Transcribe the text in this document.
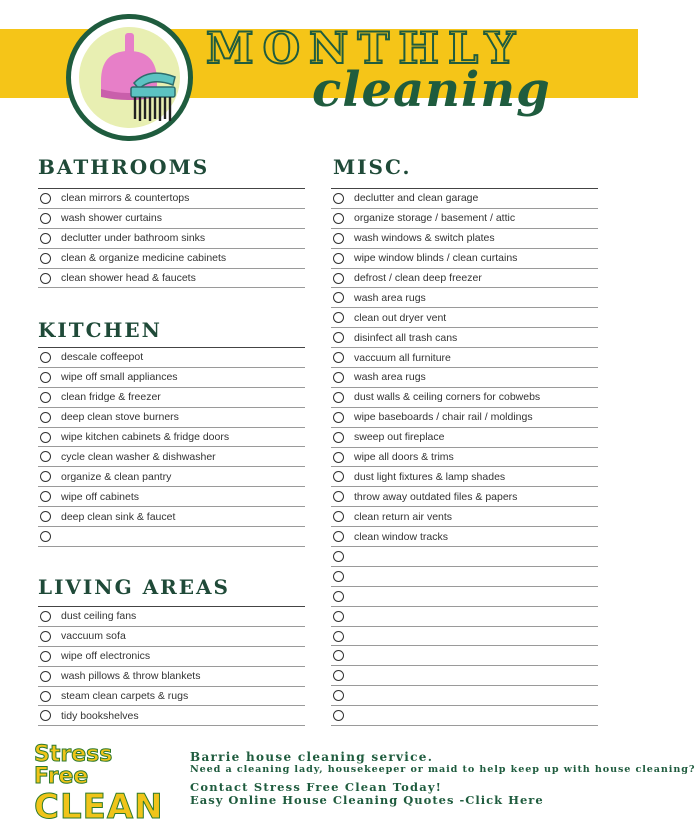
MONTHLY
cleaning
BATHROOMS
KITCHEN
LIVING AREAS
MISC.
clean mirrors & countertops
wash shower curtains
declutter under bathroom sinks
clean & organize medicine cabinets
clean shower head & faucets
descale coffeepot
wipe off small appliances
clean fridge & freezer
deep clean stove burners
wipe kitchen cabinets & fridge doors
cycle clean washer & dishwasher
organize & clean pantry
wipe off cabinets
deep clean sink & faucet
dust ceiling fans
vaccuum sofa
wipe off electronics
wash pillows & throw blankets
steam clean carpets & rugs
tidy bookshelves
declutter and clean garage
organize storage / basement / attic
wash windows & switch plates
wipe window blinds / clean curtains
defrost / clean deep freezer
wash area rugs
clean out dryer vent
disinfect all trash cans
vaccuum all furniture
wash area rugs
dust walls & ceiling corners for cobwebs
wipe baseboards / chair rail / moldings
sweep out fireplace
wipe all doors & trims
dust light fixtures & lamp shades
throw away outdated files & papers
clean return air vents
clean window tracks
Stress Free
CLEAN
Barrie house cleaning service.
Need a cleaning lady, housekeeper or maid to help keep up with house cleaning?
Contact Stress Free Clean Today!
Easy Online House Cleaning Quotes -Click Here
